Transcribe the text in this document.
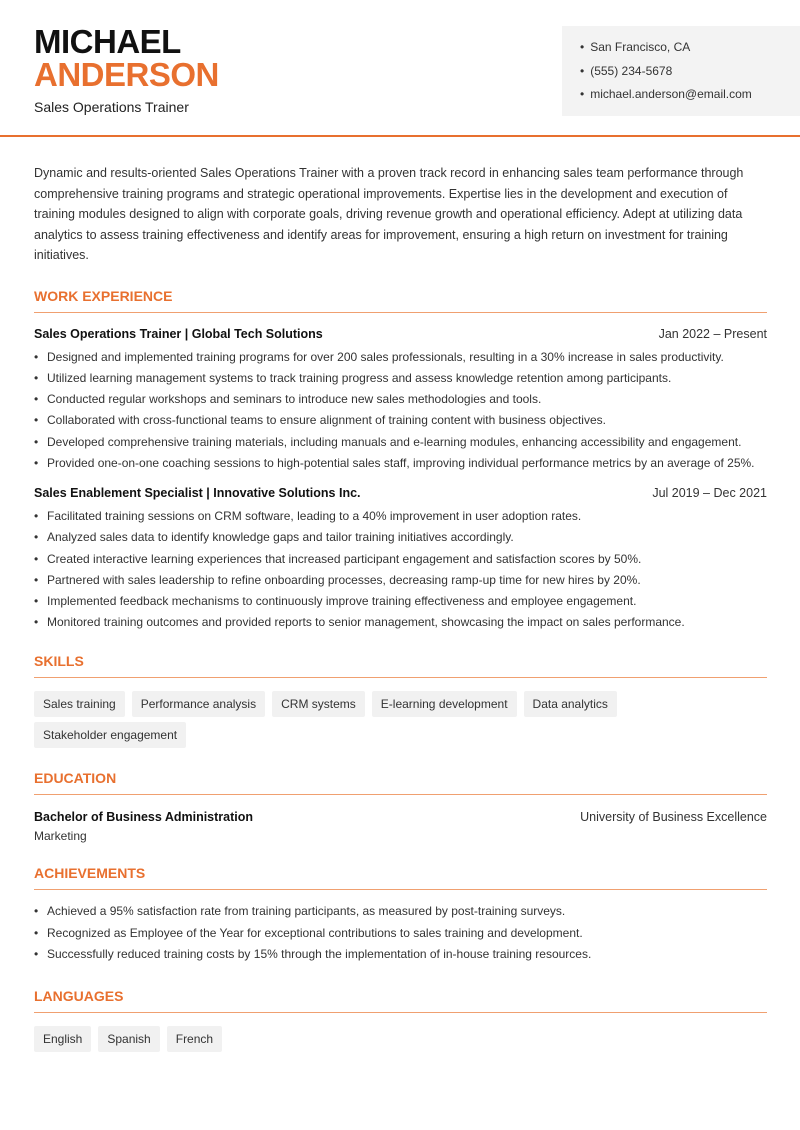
MICHAEL
ANDERSON
Sales Operations Trainer
• San Francisco, CA
• (555) 234-5678
• michael.anderson@email.com

Dynamic and results-oriented Sales Operations Trainer with a proven track record in enhancing sales team performance through comprehensive training programs and strategic operational improvements. Expertise lies in the development and execution of training modules designed to align with corporate goals, driving revenue growth and operational efficiency. Adept at utilizing data analytics to assess training effectiveness and identify areas for improvement, ensuring a high return on investment for training initiatives.

WORK EXPERIENCE
Sales Operations Trainer | Global Tech Solutions	Jan 2022 – Present
• Designed and implemented training programs for over 200 sales professionals, resulting in a 30% increase in sales productivity.
• Utilized learning management systems to track training progress and assess knowledge retention among participants.
• Conducted regular workshops and seminars to introduce new sales methodologies and tools.
• Collaborated with cross-functional teams to ensure alignment of training content with business objectives.
• Developed comprehensive training materials, including manuals and e-learning modules, enhancing accessibility and engagement.
• Provided one-on-one coaching sessions to high-potential sales staff, improving individual performance metrics by an average of 25%.
Sales Enablement Specialist | Innovative Solutions Inc.	Jul 2019 – Dec 2021
• Facilitated training sessions on CRM software, leading to a 40% improvement in user adoption rates.
• Analyzed sales data to identify knowledge gaps and tailor training initiatives accordingly.
• Created interactive learning experiences that increased participant engagement and satisfaction scores by 50%.
• Partnered with sales leadership to refine onboarding processes, decreasing ramp-up time for new hires by 20%.
• Implemented feedback mechanisms to continuously improve training effectiveness and employee engagement.
• Monitored training outcomes and provided reports to senior management, showcasing the impact on sales performance.
SKILLS
Sales training	Performance analysis	CRM systems	E-learning development	Data analytics
Stakeholder engagement
EDUCATION
Bachelor of Business Administration	University of Business Excellence
Marketing
ACHIEVEMENTS
• Achieved a 95% satisfaction rate from training participants, as measured by post-training surveys.
• Recognized as Employee of the Year for exceptional contributions to sales training and development.
• Successfully reduced training costs by 15% through the implementation of in-house training resources.
LANGUAGES
English	Spanish	French
